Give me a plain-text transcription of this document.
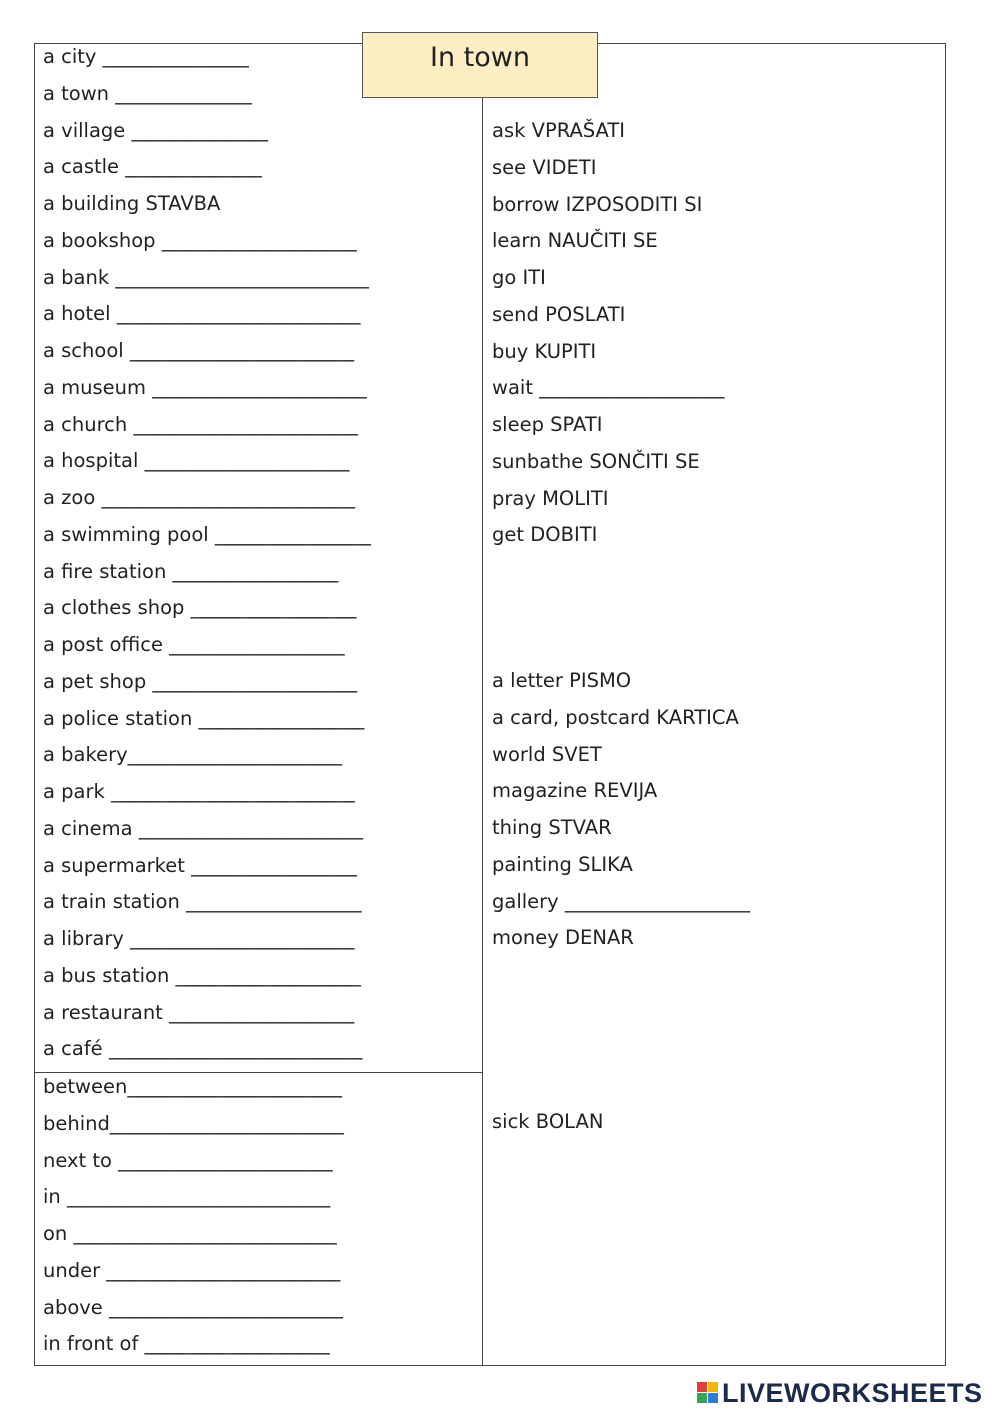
In town
a city _______________
a town ______________
a village ______________
a castle ______________
a building STAVBA
a bookshop ____________________
a bank __________________________
a hotel _________________________
a school _______________________
a museum ______________________
a church _______________________
a hospital _____________________
a zoo __________________________
a swimming pool ________________
a fire station _________________
a clothes shop _________________
a post office __________________
a pet shop _____________________
a police station _________________
a bakery______________________
a park _________________________
a cinema _______________________
a supermarket _________________
a train station __________________
a library _______________________
a bus station ___________________
a restaurant ___________________
a café __________________________
between______________________
behind________________________
next to ______________________
in ___________________________
on ___________________________
under ________________________
above ________________________
in front of ___________________
ask VPRAŠATI
see VIDETI
borrow IZPOSODITI SI
learn NAUČITI SE
go ITI
send POSLATI
buy KUPITI
wait ___________________
sleep SPATI
sunbathe SONČITI SE
pray MOLITI
get DOBITI
a letter PISMO
a card, postcard KARTICA
world SVET
magazine REVIJA
thing STVAR
painting SLIKA
gallery ___________________
money DENAR
sick BOLAN
LIVEWORKSHEETS
